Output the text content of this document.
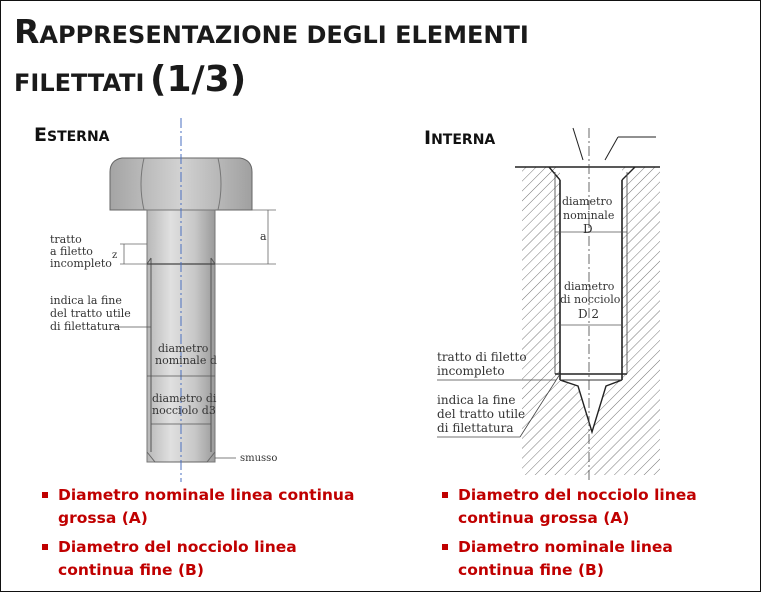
RAPPRESENTAZIONE DEGLI ELEMENTI
FILETTATI (1/3)
ESTERNA	INTERNA
a
z
tratto
a filetto
incompleto
indica la fine
del tratto utile
di filettatura
diametro
nominale d
diametro di
nocciolo d3
smusso
diametro
nominale
D
diametro
di nocciolo
D 2
tratto di filetto
incompleto
indica la fine
del tratto utile
di filettatura
Diametro nominale linea continua grossa (A)
Diametro del nocciolo linea continua fine (B)
Diametro del nocciolo linea continua grossa (A)
Diametro nominale linea continua fine (B)
